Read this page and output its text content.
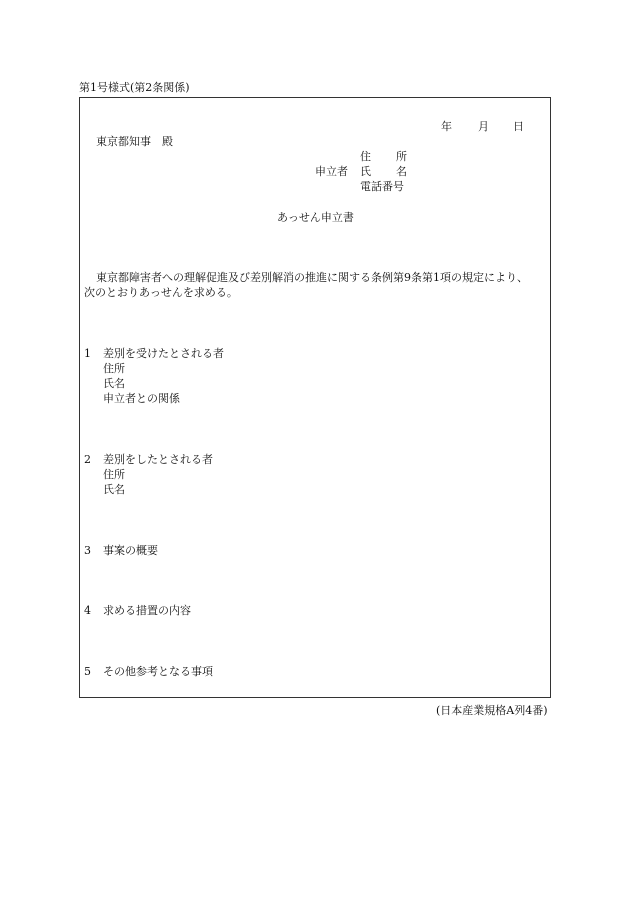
第1号様式(第2条関係)
年 月 日
東京都知事 殿
住 所
申立者 氏 名
電話番号
あっせん申立書
東京都障害者への理解促進及び差別解消の推進に関する条例第9条第1項の規定により、
次のとおりあっせんを求める。
1 差別を受けたとされる者
住所
氏名
申立者との関係
2 差別をしたとされる者
住所
氏名
3 事案の概要
4 求める措置の内容
5 その他参考となる事項
(日本産業規格A列4番)
